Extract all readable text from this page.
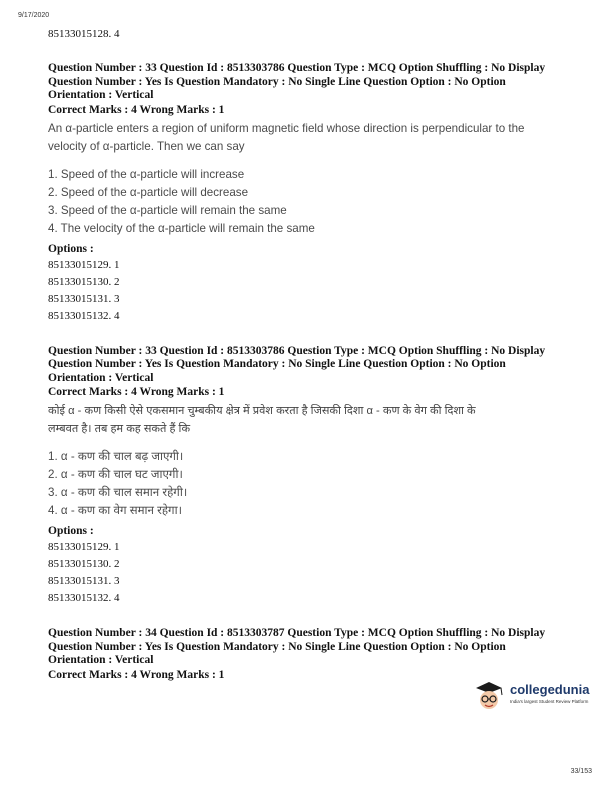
9/17/2020

85133015128. 4

Question Number : 33 Question Id : 8513303786 Question Type : MCQ Option Shuffling : No Display

Question Number : Yes Is Question Mandatory : No Single Line Question Option : No Option

Orientation : Vertical

Correct Marks : 4 Wrong Marks : 1

An α-particle enters a region of uniform magnetic field whose direction is perpendicular to the

velocity of α-particle. Then we can say

1. Speed of the α-particle will increase
2. Speed of the α-particle will decrease
3. Speed of the α-particle will remain the same
4. The velocity of the α-particle will remain the same

Options :

85133015129. 1
85133015130. 2
85133015131. 3
85133015132. 4

Question Number : 33 Question Id : 8513303786 Question Type : MCQ Option Shuffling : No Display

Question Number : Yes Is Question Mandatory : No Single Line Question Option : No Option

Orientation : Vertical

Correct Marks : 4 Wrong Marks : 1

कोई α - कण किसी ऐसे एकसमान चुम्बकीय क्षेत्र में प्रवेश करता है जिसकी दिशा α - कण के वेग की दिशा के

लम्बवत है। तब हम कह सकते हैं कि

1. α - कण की चाल बढ़ जाएगी।
2. α - कण की चाल घट जाएगी।
3. α - कण की चाल समान रहेगी।
4. α - कण का वेग समान रहेगा।

Options :

85133015129. 1
85133015130. 2
85133015131. 3
85133015132. 4

Question Number : 34 Question Id : 8513303787 Question Type : MCQ Option Shuffling : No Display

Question Number : Yes Is Question Mandatory : No Single Line Question Option : No Option

Orientation : Vertical

Correct Marks : 4 Wrong Marks : 1

collegedunia
India's largest Student Review Platform
33/153
